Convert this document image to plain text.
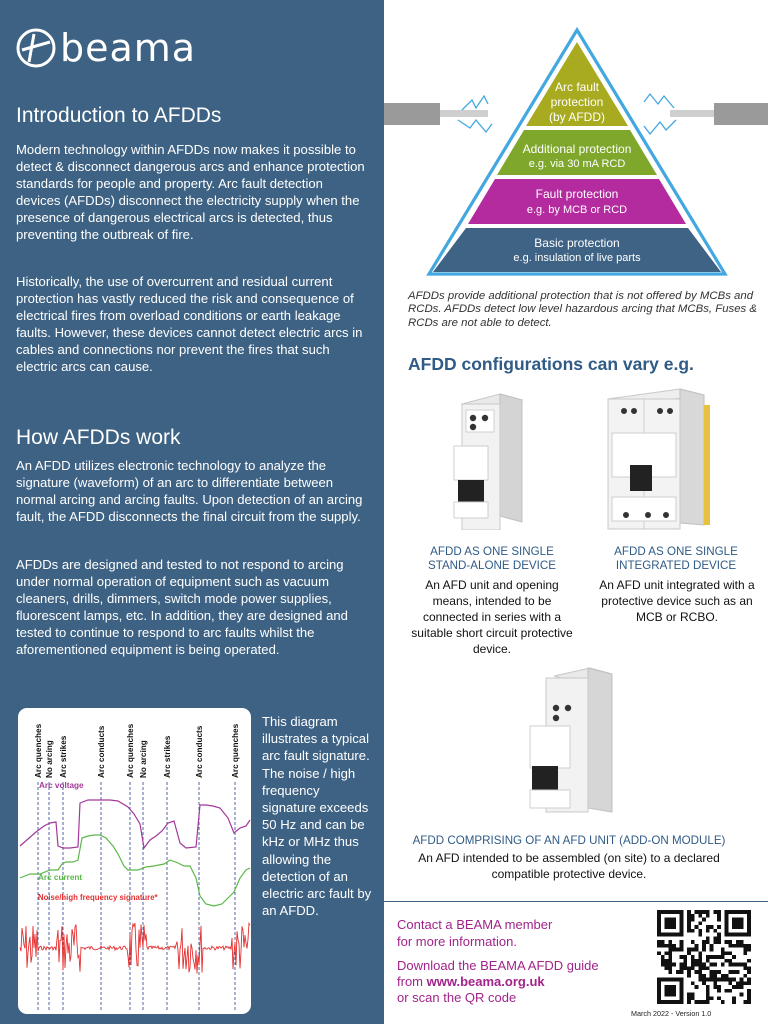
beama
Introduction to AFDDs

Modern technology within AFDDs now makes it possible to detect & disconnect dangerous arcs and enhance protection standards for people and property. Arc fault detection devices (AFDDs) disconnect the electricity supply when the presence of dangerous electrical arcs is detected, thus preventing the outbreak of fire.

Historically, the use of overcurrent and residual current protection has vastly reduced the risk and consequence of electrical fires from overload conditions or earth leakage faults. However, these devices cannot detect electric arcs in cables and connections nor prevent the fires that such electric arcs can cause.

How AFDDs work

An AFDD utilizes electronic technology to analyze the signature (waveform) of an arc to differentiate between normal arcing and arcing faults. Upon detection of an arcing fault, the AFDD disconnects the final circuit from the supply.

AFDDs are designed and tested to not respond to arcing under normal operation of equipment such as vacuum cleaners, drills, dimmers, switch mode power supplies, fluorescent lamps, etc. In addition, they are designed and tested to continue to respond to arc faults whilst the aforementioned equipment is being operated.

Arc quenches No arcing Arc strikes	Arc conducts Arc quenches No arcing Arc strikes	Arc conducts	Arc quenches
Arc voltage
Arc current
Noise/high frequency signature*

This diagram illustrates a typical arc fault signature. The noise / high frequency signature exceeds 50 Hz and can be kHz or MHz thus allowing the detection of an electric arc fault by an AFDD.

Arc fault
protection
(by AFDD)
Additional protection
e.g. via 30 mA RCD
Fault protection
e.g. by MCB or RCD
Basic protection
e.g. insulation of live parts

AFDDs provide additional protection that is not offered by MCBs and RCDs. AFDDs detect low level hazardous arcing that MCBs, Fuses & RCDs are not able to detect.

AFDD configurations can vary e.g.
AFDD AS ONE SINGLE
STAND-ALONE DEVICE
An AFD unit and opening means, intended to be connected in series with a suitable short circuit protective device.
AFDD AS ONE SINGLE
INTEGRATED DEVICE
An AFD unit integrated with a protective device such as an MCB or RCBO.
AFDD COMPRISING OF AN AFD UNIT (ADD-ON MODULE)
An AFD intended to be assembled (on site) to a declared compatible protective device.

Contact a BEAMA member

for more information.

Download the BEAMA AFDD guide

from www.beama.org.uk

or scan the QR code

March 2022 - Version 1.0
